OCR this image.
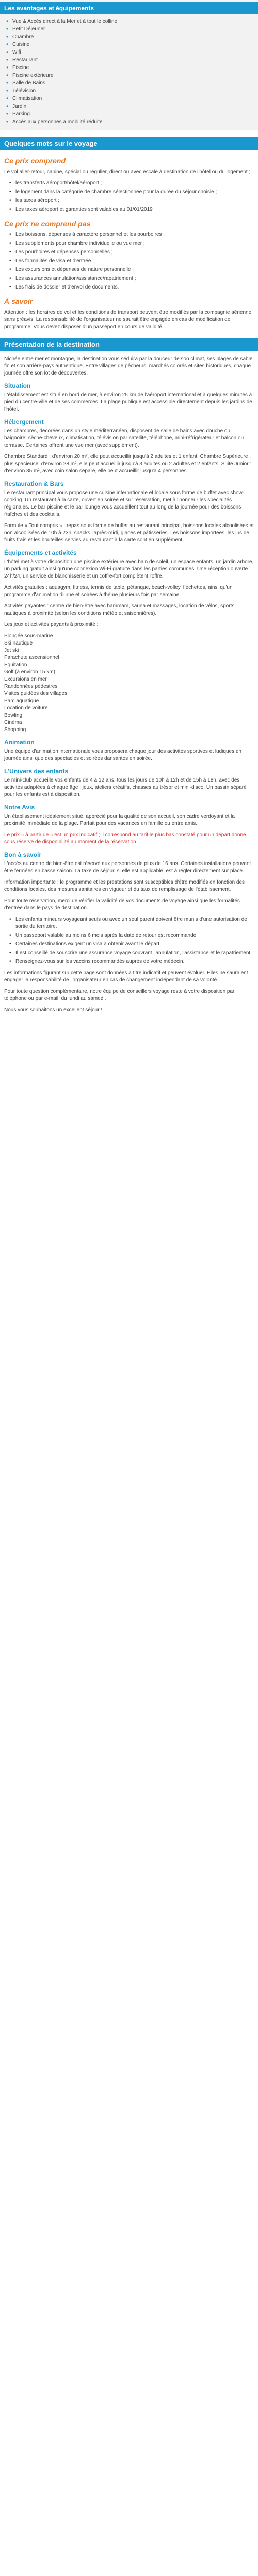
Les avantages et équipements
• Vue & Accès direct à la Mer et à tout le colline
• Petit Déjeuner
• Chambre
• Cuisine
• Wifi
• Restaurant
• Piscine
• Piscine extérieure
• Salle de Bains
• Télévision
• Climatisation
• Jardin
• Parking
• Accès aux personnes à mobilité réduite
Quelques mots sur le voyage
Ce prix comprend

Le vol aller-retour, cabine, spécial ou régulier, direct ou avec escale à destination de l'hôtel ou du logement ;

• les transferts aéroport/hôtel/aéroport ;
• le logement dans la catégorie de chambre sélectionnée pour la durée du séjour choisie ;
• les taxes aéroport ;
• Les taxes aéroport et garanties sont valables au 01/01/2019
Ce prix ne comprend pas
• Les boissons, dépenses à caractère personnel et les pourboires ;
• Les suppléments pour chambre individuelle ou vue mer ;
• Les pourboires et dépenses personnelles ;
• Les formalités de visa et d'entrée ;
• Les excursions et dépenses de nature personnelle ;
• Les assurances annulation/assistance/rapatriement ;
• Les frais de dossier et d'envoi de documents.
À savoir

Attention : les horaires de vol et les conditions de transport peuvent être modifiés par la compagnie aérienne sans préavis. La responsabilité de l'organisateur ne saurait être engagée en cas de modification de programme. Vous devez disposer d'un passeport en cours de validité.

Présentation de la destination

Nichée entre mer et montagne, la destination vous séduira par la douceur de son climat, ses plages de sable fin et son arrière-pays authentique. Entre villages de pêcheurs, marchés colorés et sites historiques, chaque journée offre son lot de découvertes.

Situation

L'établissement est situé en bord de mer, à environ 25 km de l'aéroport international et à quelques minutes à pied du centre-ville et de ses commerces. La plage publique est accessible directement depuis les jardins de l'hôtel.

Hébergement

Les chambres, décorées dans un style méditerranéen, disposent de salle de bains avec douche ou baignoire, sèche-cheveux, climatisation, télévision par satellite, téléphone, mini-réfrigérateur et balcon ou terrasse. Certaines offrent une vue mer (avec supplément).

Chambre Standard : d'environ 20 m², elle peut accueillir jusqu'à 2 adultes et 1 enfant. Chambre Supérieure : plus spacieuse, d'environ 28 m², elle peut accueillir jusqu'à 3 adultes ou 2 adultes et 2 enfants. Suite Junior : d'environ 35 m², avec coin salon séparé, elle peut accueillir jusqu'à 4 personnes.

Restauration & Bars

Le restaurant principal vous propose une cuisine internationale et locale sous forme de buffet avec show-cooking. Un restaurant à la carte, ouvert en soirée et sur réservation, met à l'honneur les spécialités régionales. Le bar piscine et le bar lounge vous accueillent tout au long de la journée pour des boissons fraîches et des cocktails.

Formule « Tout compris » : repas sous forme de buffet au restaurant principal, boissons locales alcoolisées et non alcoolisées de 10h à 23h, snacks l'après-midi, glaces et pâtisseries. Les boissons importées, les jus de fruits frais et les bouteilles servies au restaurant à la carte sont en supplément.

Équipements et activités

L'hôtel met à votre disposition une piscine extérieure avec bain de soleil, un espace enfants, un jardin arboré, un parking gratuit ainsi qu'une connexion Wi-Fi gratuite dans les parties communes. Une réception ouverte 24h/24, un service de blanchisserie et un coffre-fort complètent l'offre.

Activités gratuites : aquagym, fitness, tennis de table, pétanque, beach-volley, fléchettes, ainsi qu'un programme d'animation diurne et soirées à thème plusieurs fois par semaine.

Activités payantes : centre de bien-être avec hammam, sauna et massages, location de vélos, sports nautiques à proximité (selon les conditions météo et saisonnières).

Les jeux et activités payants à proximité :

Plongée sous-marine
Ski nautique
Jet ski
Parachute ascensionnel
Équitation
Golf (à environ 15 km)
Excursions en mer
Randonnées pédestres
Visites guidées des villages
Parc aquatique
Location de voiture
Bowling
Cinéma
Shopping
Animation

Une équipe d'animation internationale vous proposera chaque jour des activités sportives et ludiques en journée ainsi que des spectacles et soirées dansantes en soirée.

L'Univers des enfants

Le mini-club accueille vos enfants de 4 à 12 ans, tous les jours de 10h à 12h et de 15h à 18h, avec des activités adaptées à chaque âge : jeux, ateliers créatifs, chasses au trésor et mini-disco. Un bassin séparé pour les enfants est à disposition.

Notre Avis

Un établissement idéalement situé, apprécié pour la qualité de son accueil, son cadre verdoyant et la proximité immédiate de la plage. Parfait pour des vacances en famille ou entre amis.

Le prix « à partir de » est un prix indicatif ; il correspond au tarif le plus bas constaté pour un départ donné, sous réserve de disponibilité au moment de la réservation.

Bon à savoir

L'accès au centre de bien-être est réservé aux personnes de plus de 16 ans. Certaines installations peuvent être fermées en basse saison. La taxe de séjour, si elle est applicable, est à régler directement sur place.

Information importante : le programme et les prestations sont susceptibles d'être modifiés en fonction des conditions locales, des mesures sanitaires en vigueur et du taux de remplissage de l'établissement.

Pour toute réservation, merci de vérifier la validité de vos documents de voyage ainsi que les formalités d'entrée dans le pays de destination.

• Les enfants mineurs voyageant seuls ou avec un seul parent doivent être munis d'une autorisation de sortie du territoire.
• Un passeport valable au moins 6 mois après la date de retour est recommandé.
• Certaines destinations exigent un visa à obtenir avant le départ.
• Il est conseillé de souscrire une assurance voyage couvrant l'annulation, l'assistance et le rapatriement.
• Renseignez-vous sur les vaccins recommandés auprès de votre médecin.

Les informations figurant sur cette page sont données à titre indicatif et peuvent évoluer. Elles ne sauraient engager la responsabilité de l'organisateur en cas de changement indépendant de sa volonté.

Pour toute question complémentaire, notre équipe de conseillers voyage reste à votre disposition par téléphone ou par e-mail, du lundi au samedi.

Nous vous souhaitons un excellent séjour !
